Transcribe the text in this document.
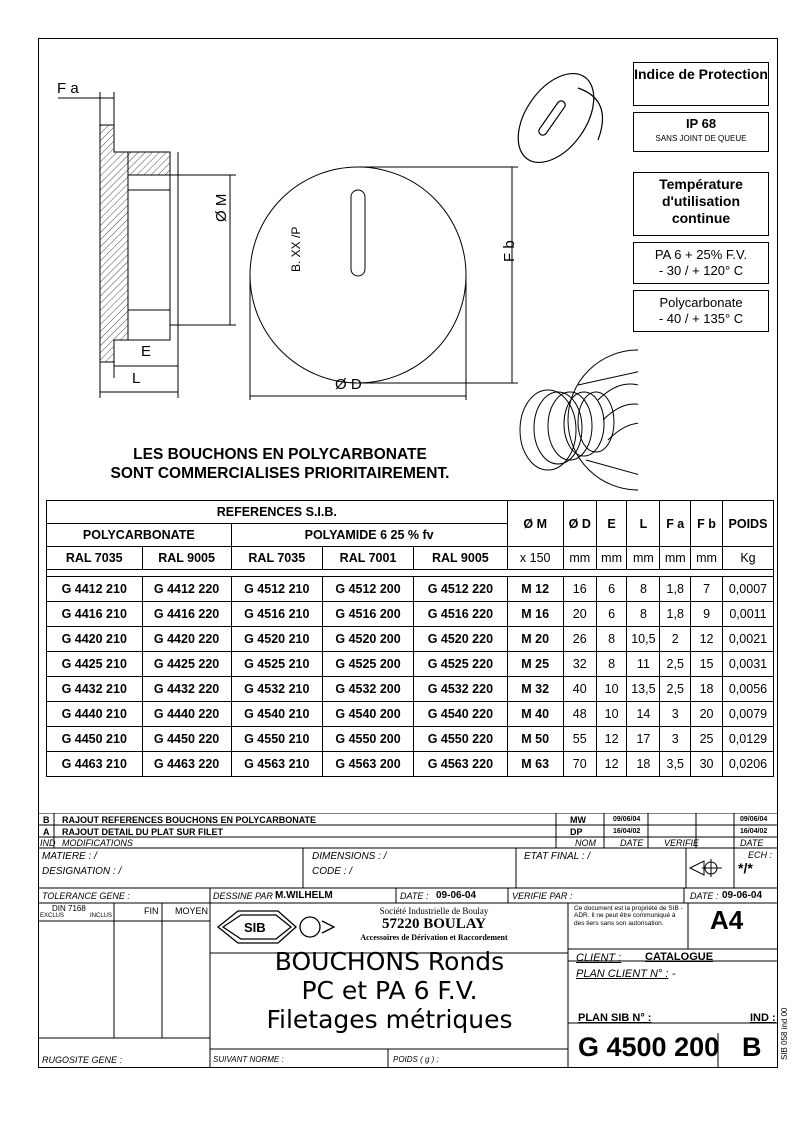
Indice de Protection
IP 68
SANS JOINT DE QUEUE
Température
d'utilisation
continue
PA 6 + 25% F.V.
- 30 / + 120° C
Polycarbonate
- 40 / + 135° C
B. XX /P
F a
Ø M
E
L	Ø D
F b
LES BOUCHONS EN POLYCARBONATE
SONT COMMERCIALISES PRIORITAIREMENT.
REFERENCES S.I.B.					Ø M	Ø D	E	L	F a	F b	POIDS
POLYCARBONATE		POLYAMIDE 6 25 % fv									
RAL 7035	RAL 9005	RAL 7035	RAL 7001	RAL 9005	x 150	mm	mm	mm	mm	mm	Kg

G 4412 210	G 4412 220	G 4512 210	G 4512 200	G 4512 220	M 12	16	6	8	1,8	7	0,0007
G 4416 210	G 4416 220	G 4516 210	G 4516 200	G 4516 220	M 16	20	6	8	1,8	9	0,0011
G 4420 210	G 4420 220	G 4520 210	G 4520 200	G 4520 220	M 20	26	8	10,5	2	12	0,0021
G 4425 210	G 4425 220	G 4525 210	G 4525 200	G 4525 220	M 25	32	8	11	2,5	15	0,0031
G 4432 210	G 4432 220	G 4532 210	G 4532 200	G 4532 220	M 32	40	10	13,5	2,5	18	0,0056
G 4440 210	G 4440 220	G 4540 210	G 4540 200	G 4540 220	M 40	48	10	14	3	20	0,0079
G 4450 210	G 4450 220	G 4550 210	G 4550 200	G 4550 220	M 50	55	12	17	3	25	0,0129
G 4463 210	G 4463 220	G 4563 210	G 4563 200	G 4563 220	M 63	70	12	18	3,5	30	0,0206
SIB
B RAJOUT REFERENCES BOUCHONS EN POLYCARBONATE	MW	09/06/04	09/06/04
A RAJOUT DETAIL DU PLAT SUR FILET	DP	16/04/02	16/04/02
IND MODIFICATIONS	NOM	DATE VERIFIE	DATE
MATIERE : /
DESIGNATION : /
DIMENSIONS : /
CODE : /
ETAT FINAL : /	ECH :
*/*
TOLERANCE GENE :	DESSINE PAR :
M.WILHELM	DATE : 09-06-04	VERIFIE PAR :	DATE : 09-06-04
DIN 7168
EXCLUS	INCLUS	FIN MOYEN	Société Industrielle de Boulay
57220 BOULAY
Accessoires de Dérivation et Raccordement
Ce document est la propriété de SIB - ADR. Il ne peut être communiqué à des tiers sans son autorisation.	A4
CLIENT : CATALOGUE
PLAN CLIENT N° : -
BOUCHONS Ronds
PC et PA 6 F.V.
Filetages métriques	PLAN SIB N° :	IND :
G 4500 200 B
RUGOSITE GENE :	SUIVANT NORME :	POIDS ( g ) :	SIB 058 ind 00
